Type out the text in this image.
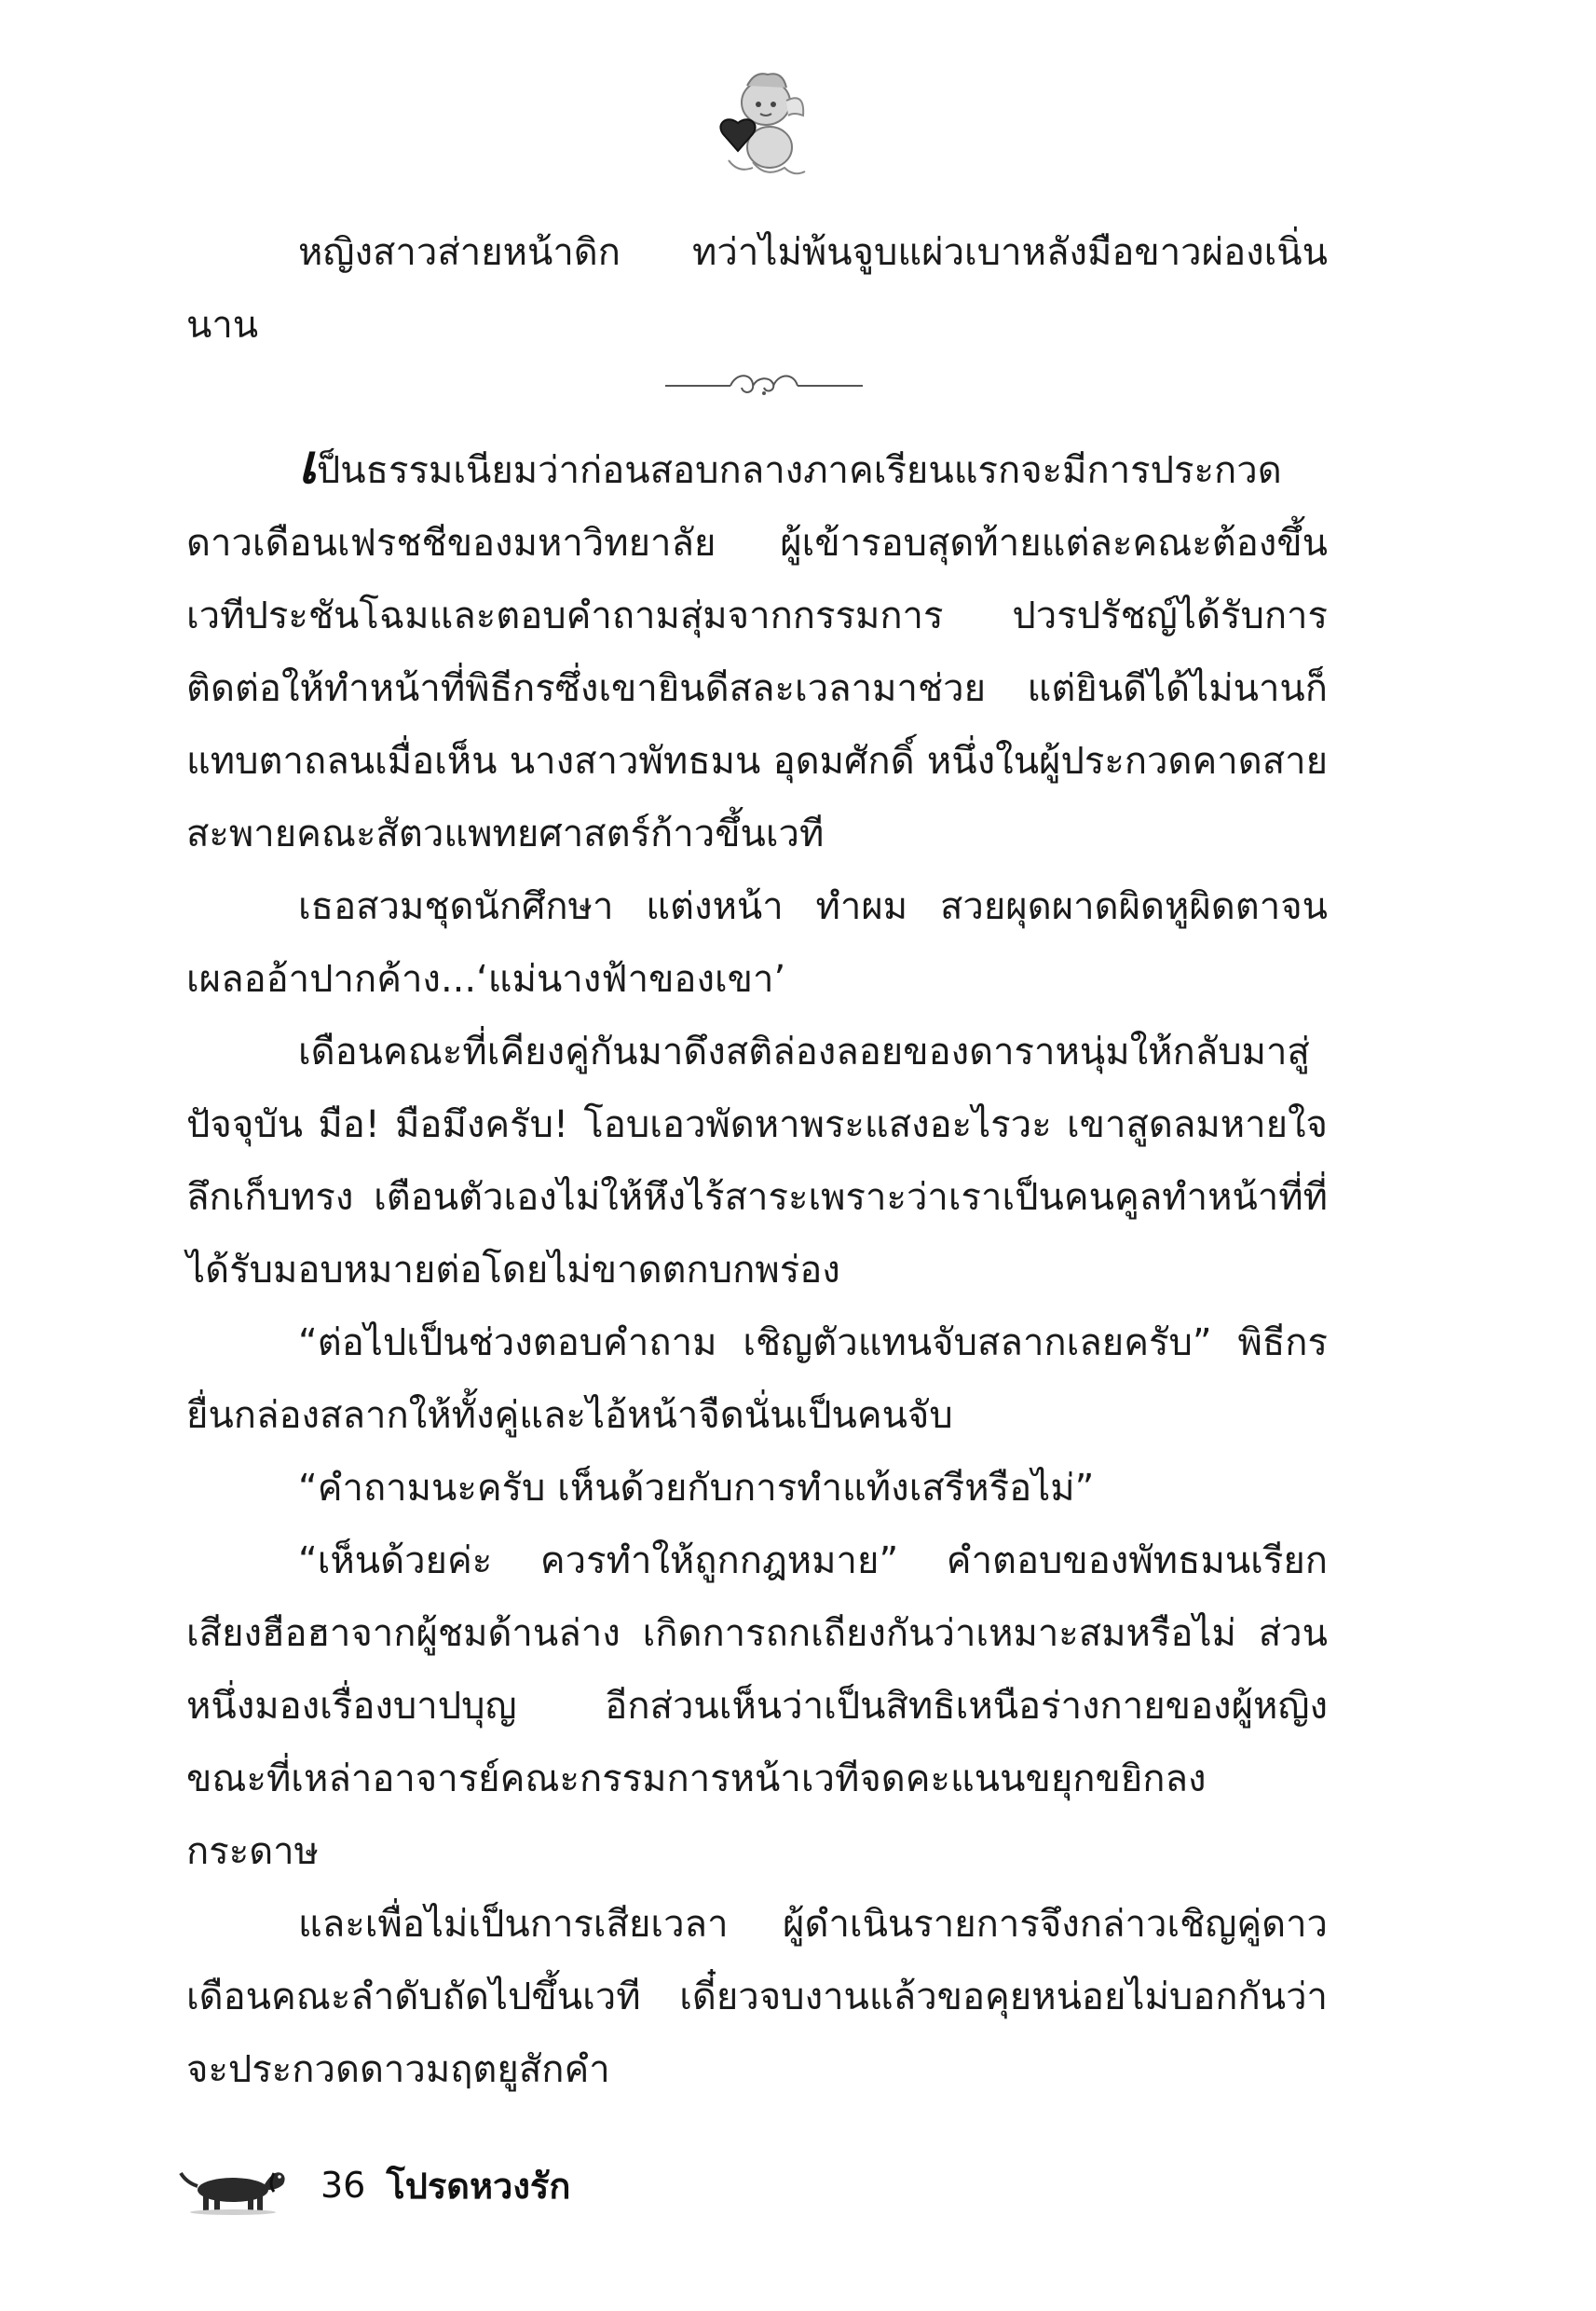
หญิงสาวส่ายหน้าดิก ทว่าไม่พ้นจูบแผ่วเบาหลังมือขาวผ่องเนิ่นนาน

เป็นธรรมเนียมว่าก่อนสอบกลางภาคเรียนแรกจะมีการประกวดดาวเดือนเฟรชชีของมหาวิทยาลัย ผู้เข้ารอบสุดท้ายแต่ละคณะต้องขึ้นเวทีประชันโฉมและตอบคำถามสุ่มจากกรรมการ ปวรปรัชญ์ได้รับการติดต่อให้ทำหน้าที่พิธีกรซึ่งเขายินดีสละเวลามาช่วย แต่ยินดีได้ไม่นานก็แทบตาถลนเมื่อเห็น นางสาวพัทธมน อุดมศักดิ์ หนึ่งในผู้ประกวดคาดสายสะพายคณะสัตวแพทยศาสตร์ก้าวขึ้นเวที

เธอสวมชุดนักศึกษา แต่งหน้า ทำผม สวยผุดผาดผิดหูผิดตาจนเผลออ้าปากค้าง...‘แม่นางฟ้าของเขา’

เดือนคณะที่เคียงคู่กันมาดึงสติล่องลอยของดาราหนุ่มให้กลับมาสู่ปัจจุบัน มือ! มือมึงครับ! โอบเอวพัดหาพระแสงอะไรวะ เขาสูดลมหายใจลึกเก็บทรง เตือนตัวเองไม่ให้หึงไร้สาระเพราะว่าเราเป็นคนคูลทำหน้าที่ที่ได้รับมอบหมายต่อโดยไม่ขาดตกบกพร่อง

“ต่อไปเป็นช่วงตอบคำถาม เชิญตัวแทนจับสลากเลยครับ” พิธีกรยื่นกล่องสลากให้ทั้งคู่และไอ้หน้าจืดนั่นเป็นคนจับ

“คำถามนะครับ เห็นด้วยกับการทำแท้งเสรีหรือไม่”

“เห็นด้วยค่ะ ควรทำให้ถูกกฎหมาย” คำตอบของพัทธมนเรียกเสียงฮือฮาจากผู้ชมด้านล่าง เกิดการถกเถียงกันว่าเหมาะสมหรือไม่ ส่วนหนึ่งมองเรื่องบาปบุญ อีกส่วนเห็นว่าเป็นสิทธิเหนือร่างกายของผู้หญิงขณะที่เหล่าอาจารย์คณะกรรมการหน้าเวทีจดคะแนนขยุกขยิกลงกระดาษ

และเพื่อไม่เป็นการเสียเวลา ผู้ดำเนินรายการจึงกล่าวเชิญคู่ดาวเดือนคณะลำดับถัดไปขึ้นเวที เดี๋ยวจบงานแล้วขอคุยหน่อยไม่บอกกันว่าจะประกวดดาวมฤตยูสักคำ

36 โปรดหวงรัก
